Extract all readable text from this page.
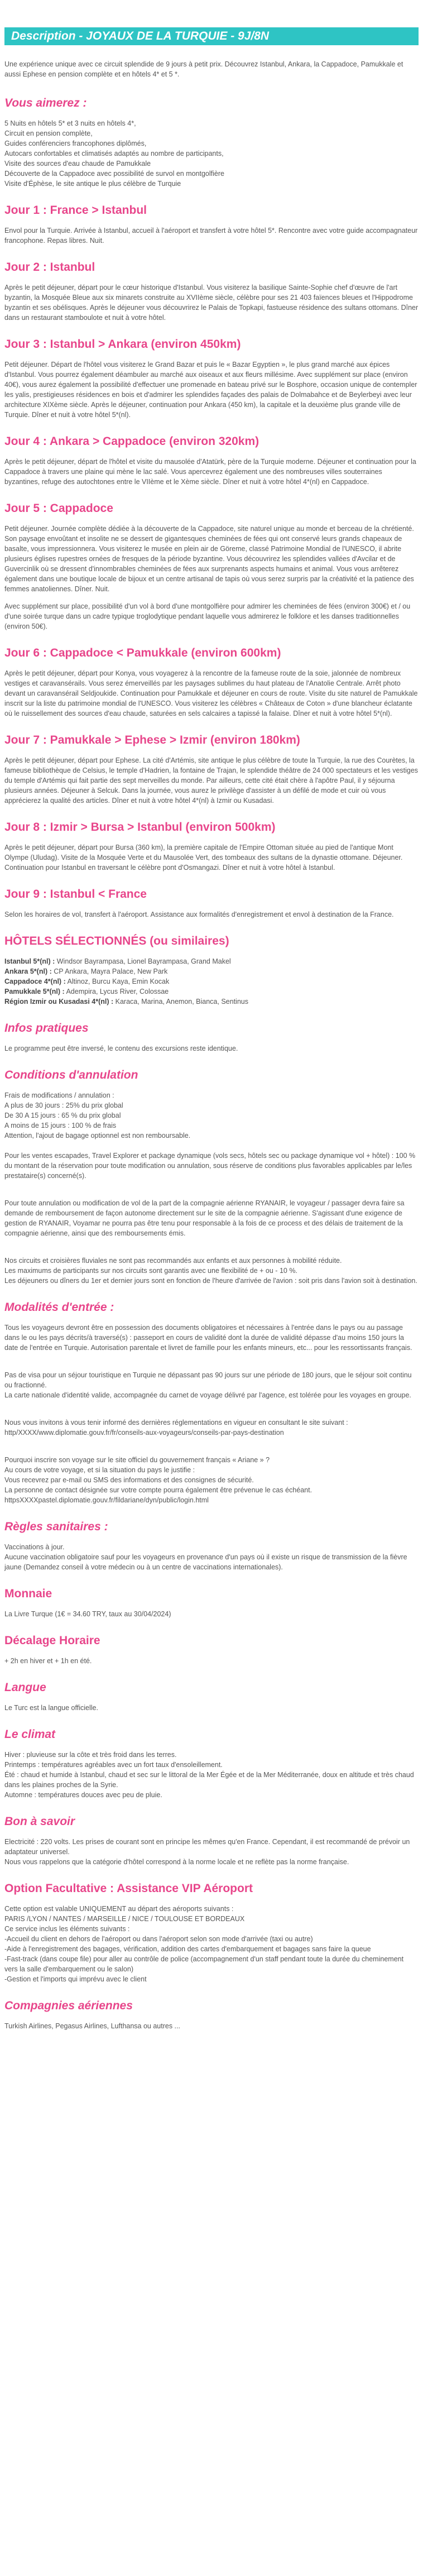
Description - JOYAUX DE LA TURQUIE - 9J/8N

Une expérience unique avec ce circuit splendide de 9 jours à petit prix. Découvrez Istanbul, Ankara, la Cappadoce, Pamukkale et aussi Ephese en pension complète et en hôtels 4* et 5 *.

Vous aimerez :
5 Nuits en hôtels 5* et 3 nuits en hôtels 4*,
Circuit en pension complète,
Guides conférenciers francophones diplômés,
Autocars confortables et climatisés adaptés au nombre de participants,
Visite des sources d'eau chaude de Pamukkale
Découverte de la Cappadoce avec possibilité de survol en montgolfière
Visite d'Éphèse, le site antique le plus célèbre de Turquie
Jour 1 : France > Istanbul

Envol pour la Turquie. Arrivée à Istanbul, accueil à l'aéroport et transfert à votre hôtel 5*. Rencontre avec votre guide accompagnateur francophone. Repas libres. Nuit.

Jour 2 : Istanbul

Après le petit déjeuner, départ pour le cœur historique d'Istanbul. Vous visiterez la basilique Sainte-Sophie chef d'œuvre de l'art byzantin, la Mosquée Bleue aux six minarets construite au XVIIème siècle, célèbre pour ses 21 403 faïences bleues et l'Hippodrome byzantin et ses obélisques. Après le déjeuner vous découvrirez le Palais de Topkapi, fastueuse résidence des sultans ottomans. Dîner dans un restaurant stamboulote et nuit à votre hôtel.

Jour 3 : Istanbul > Ankara (environ 450km)

Petit déjeuner. Départ de l'hôtel vous visiterez le Grand Bazar et puis le « Bazar Egyptien », le plus grand marché aux épices d'Istanbul. Vous pourrez également déambuler au marché aux oiseaux et aux fleurs millésime. Avec supplément sur place (environ 40€), vous aurez également la possibilité d'effectuer une promenade en bateau privé sur le Bosphore, occasion unique de contempler les yalis, prestigieuses résidences en bois et d'admirer les splendides façades des palais de Dolmabahce et de Beylerbeyi avec leur architecture XIXème siècle. Après le déjeuner, continuation pour Ankara (450 km), la capitale et la deuxième plus grande ville de Turquie. Dîner et nuit à votre hôtel 5*(nl).

Jour 4 : Ankara > Cappadoce (environ 320km)

Après le petit déjeuner, départ de l'hôtel et visite du mausolée d'Atatürk, père de la Turquie moderne. Déjeuner et continuation pour la Cappadoce à travers une plaine qui mène le lac salé. Vous apercevrez également une des nombreuses villes souterraines byzantines, refuge des autochtones entre le VIIème et le Xème siècle. Dîner et nuit à votre hôtel 4*(nl) en Cappadoce.

Jour 5 : Cappadoce

Petit déjeuner. Journée complète dédiée à la découverte de la Cappadoce, site naturel unique au monde et berceau de la chrétienté. Son paysage envoûtant et insolite ne se dessert de gigantesques cheminées de fées qui ont conservé leurs grands chapeaux de basalte, vous impressionnera. Vous visiterez le musée en plein air de Göreme, classé Patrimoine Mondial de l'UNESCO, il abrite plusieurs églises rupestres ornées de fresques de la période byzantine. Vous découvrirez les splendides vallées d'Avcilar et de Guvercinlik où se dressent d'innombrables cheminées de fées aux surprenants aspects humains et animal. Vous vous arrêterez également dans une boutique locale de bijoux et un centre artisanal de tapis où vous serez surpris par la créativité et la patience des femmes anatoliennes. Dîner. Nuit.

Avec supplément sur place, possibilité d'un vol à bord d'une montgolfière pour admirer les cheminées de fées (environ 300€) et / ou d'une soirée turque dans un cadre typique troglodytique pendant laquelle vous admirerez le folklore et les danses traditionnelles (environ 50€).

Jour 6 : Cappadoce < Pamukkale (environ 600km)

Après le petit déjeuner, départ pour Konya, vous voyagerez à la rencontre de la fameuse route de la soie, jalonnée de nombreux vestiges et caravansérails. Vous serez émerveillés par les paysages sublimes du haut plateau de l'Anatolie Centrale. Arrêt photo devant un caravansérail Seldjoukide. Continuation pour Pamukkale et déjeuner en cours de route. Visite du site naturel de Pamukkale inscrit sur la liste du patrimoine mondial de l'UNESCO. Vous visiterez les célèbres « Châteaux de Coton » d'une blancheur éclatante où le ruissellement des sources d'eau chaude, saturées en sels calcaires a tapissé la falaise. Dîner et nuit à votre hôtel 5*(nl).

Jour 7 : Pamukkale > Ephese > Izmir (environ 180km)

Après le petit déjeuner, départ pour Ephese. La cité d'Artémis, site antique le plus célèbre de toute la Turquie, la rue des Courètes, la fameuse bibliothèque de Celsius, le temple d'Hadrien, la fontaine de Trajan, le splendide théâtre de 24 000 spectateurs et les vestiges du temple d'Artémis qui fait partie des sept merveilles du monde. Par ailleurs, cette cité était chère à l'apôtre Paul, il y séjourna plusieurs années. Déjeuner à Selcuk. Dans la journée, vous aurez le privilège d'assister à un défilé de mode et cuir où vous apprécierez la qualité des articles. Dîner et nuit à votre hôtel 4*(nl) à Izmir ou Kusadasi.

Jour 8 : Izmir > Bursa > Istanbul (environ 500km)

Après le petit déjeuner, départ pour Bursa (360 km), la première capitale de l'Empire Ottoman située au pied de l'antique Mont Olympe (Uludag). Visite de la Mosquée Verte et du Mausolée Vert, des tombeaux des sultans de la dynastie ottomane. Déjeuner. Continuation pour Istanbul en traversant le célèbre pont d'Osmangazi. Dîner et nuit à votre hôtel à Istanbul.

Jour 9 : Istanbul < France

Selon les horaires de vol, transfert à l'aéroport. Assistance aux formalités d'enregistrement et envol à destination de la France.

HÔTELS SÉLECTIONNÉS (ou similaires)
Istanbul 5*(nl) : Windsor Bayrampasa, Lionel Bayrampasa, Grand Makel
Ankara 5*(nl) : CP Ankara, Mayra Palace, New Park
Cappadoce 4*(nl) : Altinoz, Burcu Kaya, Emin Kocak
Pamukkale 5*(nl) : Adempira, Lycus River, Colossae
Région Izmir ou Kusadasi 4*(nl) : Karaca, Marina, Anemon, Bianca, Sentinus
Infos pratiques

Le programme peut être inversé, le contenu des excursions reste identique.

Conditions d'annulation
Frais de modifications / annulation :
A plus de 30 jours : 25% du prix global
De 30 A 15 jours : 65 % du prix global
A moins de 15 jours : 100 % de frais
Attention, l'ajout de bagage optionnel est non remboursable.

Pour les ventes escapades, Travel Explorer et package dynamique (vols secs, hôtels sec ou package dynamique vol + hôtel) : 100 % du montant de la réservation pour toute modification ou annulation, sous réserve de conditions plus favorables applicables par le/les prestataire(s) concerné(s).

Pour toute annulation ou modification de vol de la part de la compagnie aérienne RYANAIR, le voyageur / passager devra faire sa demande de remboursement de façon autonome directement sur le site de la compagnie aérienne. S'agissant d'une exigence de gestion de RYANAIR, Voyamar ne pourra pas être tenu pour responsable à la fois de ce process et des délais de traitement de la compagnie aérienne, ainsi que des remboursements émis.

Nos circuits et croisières fluviales ne sont pas recommandés aux enfants et aux personnes à mobilité réduite.
Les maximums de participants sur nos circuits sont garantis avec une flexibilité de + ou - 10 %.
Les déjeuners ou dîners du 1er et dernier jours sont en fonction de l'heure d'arrivée de l'avion : soit pris dans l'avion soit à destination.
Modalités d'entrée :

Tous les voyageurs devront être en possession des documents obligatoires et nécessaires à l'entrée dans le pays ou au passage dans le ou les pays décrits/à traversé(s) : passeport en cours de validité dont la durée de validité dépasse d'au moins 150 jours la date de l'entrée en Turquie. Autorisation parentale et livret de famille pour les enfants mineurs, etc... pour les ressortissants français.

Pas de visa pour un séjour touristique en Turquie ne dépassant pas 90 jours sur une période de 180 jours, que le séjour soit continu ou fractionné.
La carte nationale d'identité valide, accompagnée du carnet de voyage délivré par l'agence, est tolérée pour les voyages en groupe.

Nous vous invitons à vous tenir informé des dernières réglementations en vigueur en consultant le site suivant : http/XXXX/www.diplomatie.gouv.fr/fr/conseils-aux-voyageurs/conseils-par-pays-destination

Pourquoi inscrire son voyage sur le site officiel du gouvernement français « Ariane » ?
Au cours de votre voyage, et si la situation du pays le justifie :
Vous recevrez par e-mail ou SMS des informations et des consignes de sécurité.
La personne de contact désignée sur votre compte pourra également être prévenue le cas échéant.
httpsXXXXpastel.diplomatie.gouv.fr/fildariane/dyn/public/login.html

Règles sanitaires :

Vaccinations à jour.
Aucune vaccination obligatoire sauf pour les voyageurs en provenance d'un pays où il existe un risque de transmission de la fièvre jaune (Demandez conseil à votre médecin ou à un centre de vaccinations internationales).

Monnaie

La Livre Turque (1€ = 34.60 TRY, taux au 30/04/2024)

Décalage Horaire

+ 2h en hiver et + 1h en été.

Langue

Le Turc est la langue officielle.

Le climat

Hiver : pluvieuse sur la côte et très froid dans les terres.
Printemps : températures agréables avec un fort taux d'ensoleillement.
Été : chaud et humide à Istanbul, chaud et sec sur le littoral de la Mer Égée et de la Mer Méditerranée, doux en altitude et très chaud dans les plaines proches de la Syrie.
Automne : températures douces avec peu de pluie.

Bon à savoir

Electricité : 220 volts. Les prises de courant sont en principe les mêmes qu'en France. Cependant, il est recommandé de prévoir un adaptateur universel.
Nous vous rappelons que la catégorie d'hôtel correspond à la norme locale et ne reflète pas la norme française.

Option Facultative : Assistance VIP Aéroport

Cette option est valable UNIQUEMENT au départ des aéroports suivants :
PARIS /LYON / NANTES / MARSEILLE / NICE / TOULOUSE ET BORDEAUX
Ce service inclus les éléments suivants :
-Accueil du client en dehors de l'aéroport ou dans l'aéroport selon son mode d'arrivée (taxi ou autre)
-Aide à l'enregistrement des bagages, vérification, addition des cartes d'embarquement et bagages sans faire la queue
-Fast-track (dans coupe file) pour aller au contrôle de police (accompagnement d'un staff pendant toute la durée du cheminement vers la salle d'embarquement ou le salon)
-Gestion et l'imports qui imprévu avec le client

Compagnies aériennes

Turkish Airlines, Pegasus Airlines, Lufthansa ou autres ...
